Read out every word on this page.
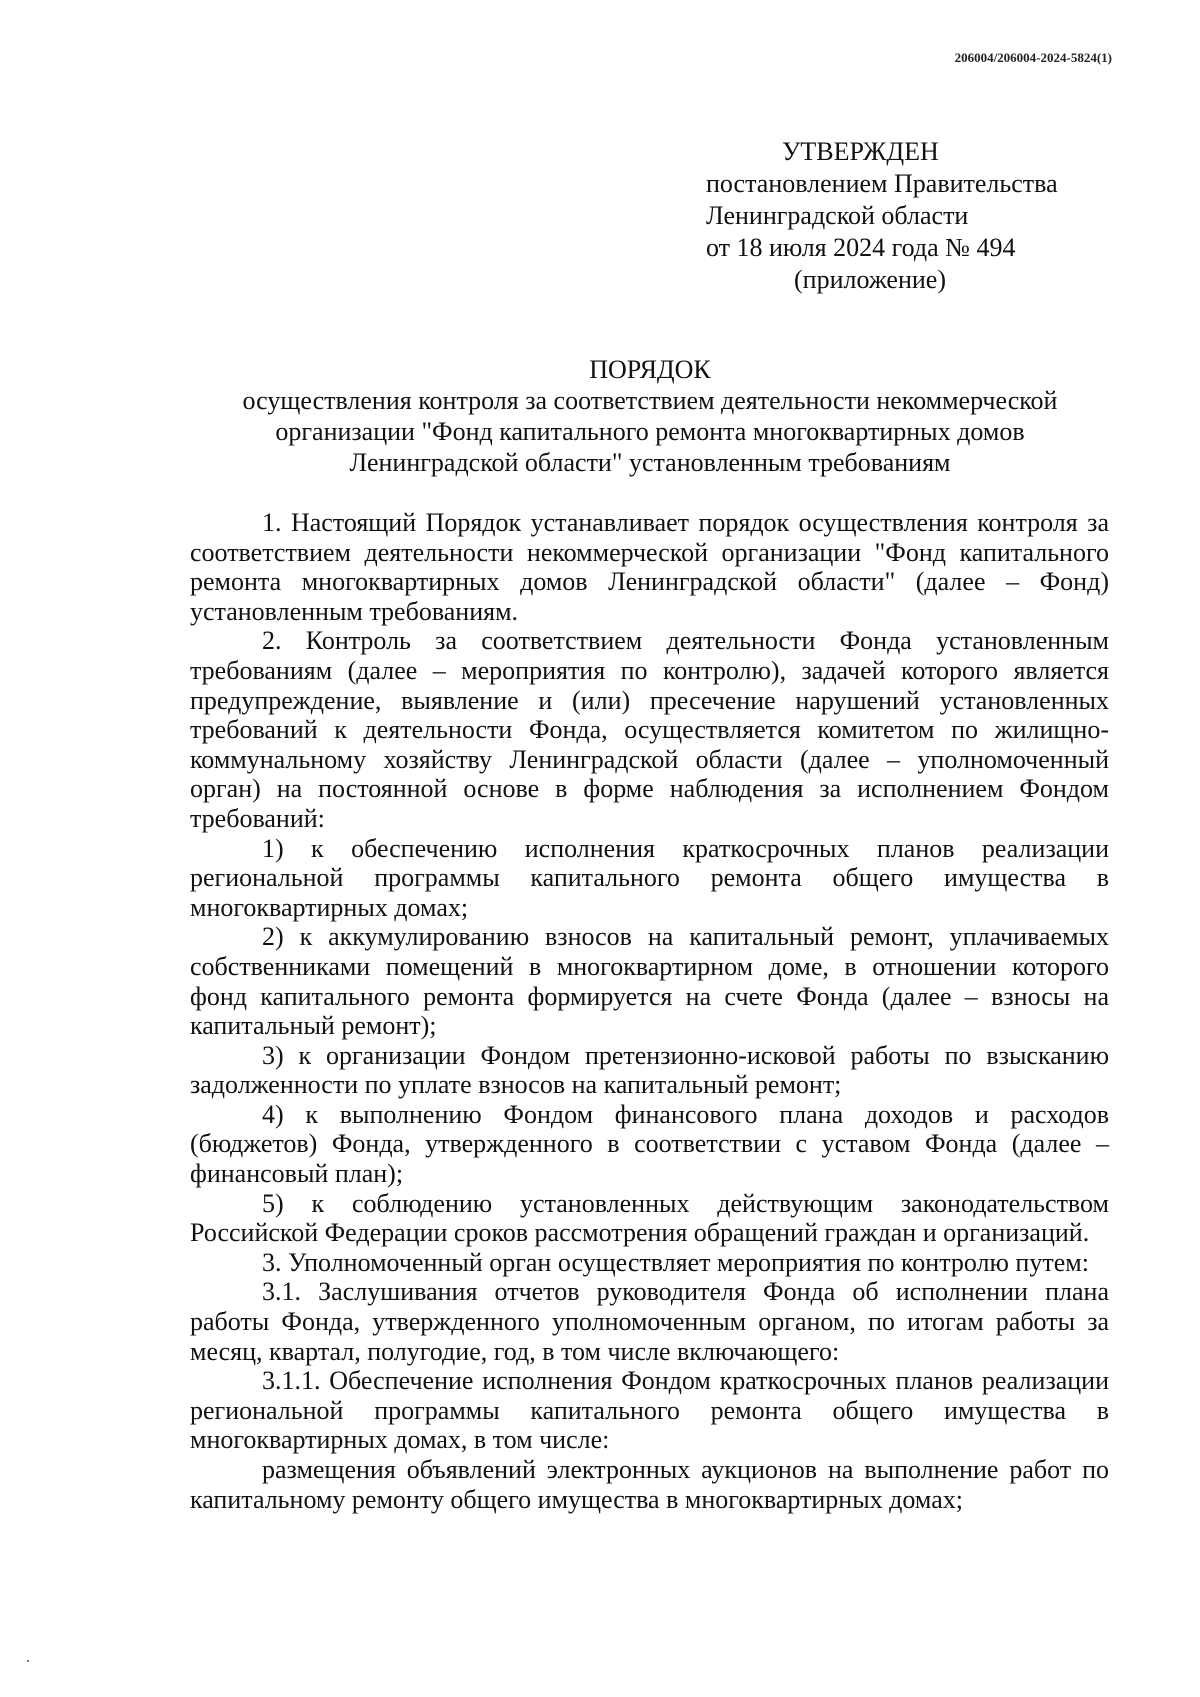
206004/206004-2024-5824(1)
УТВЕРЖДЕН
постановлением Правительства
Ленинградской области
от 18 июля 2024 года № 494
(приложение)
ПОРЯДОК
осуществления контроля за соответствием деятельности некоммерческой
организации "Фонд капитального ремонта многоквартирных домов
Ленинградской области" установленным требованиям

1. Настоящий Порядок устанавливает порядок осуществления контроля за соответствием деятельности некоммерческой организации "Фонд капитального ремонта многоквартирных домов Ленинградской области" (далее – Фонд) установленным требованиям.

2. Контроль за соответствием деятельности Фонда установленным требованиям (далее – мероприятия по контролю), задачей которого является предупреждение, выявление и (или) пресечение нарушений установленных требований к деятельности Фонда, осуществляется комитетом по жилищно-коммунальному хозяйству Ленинградской области (далее – уполномоченный орган) на постоянной основе в форме наблюдения за исполнением Фондом требований:

1) к обеспечению исполнения краткосрочных планов реализации региональной программы капитального ремонта общего имущества в многоквартирных домах;

2) к аккумулированию взносов на капитальный ремонт, уплачиваемых собственниками помещений в многоквартирном доме, в отношении которого фонд капитального ремонта формируется на счете Фонда (далее – взносы на капитальный ремонт);

3) к организации Фондом претензионно-исковой работы по взысканию задолженности по уплате взносов на капитальный ремонт;

4) к выполнению Фондом финансового плана доходов и расходов (бюджетов) Фонда, утвержденного в соответствии с уставом Фонда (далее – финансовый план);

5) к соблюдению установленных действующим законодательством Российской Федерации сроков рассмотрения обращений граждан и организаций.

3. Уполномоченный орган осуществляет мероприятия по контролю путем:

3.1. Заслушивания отчетов руководителя Фонда об исполнении плана работы Фонда, утвержденного уполномоченным органом, по итогам работы за месяц, квартал, полугодие, год, в том числе включающего:

3.1.1. Обеспечение исполнения Фондом краткосрочных планов реализации региональной программы капитального ремонта общего имущества в многоквартирных домах, в том числе:

размещения объявлений электронных аукционов на выполнение работ по капитальному ремонту общего имущества в многоквартирных домах;
